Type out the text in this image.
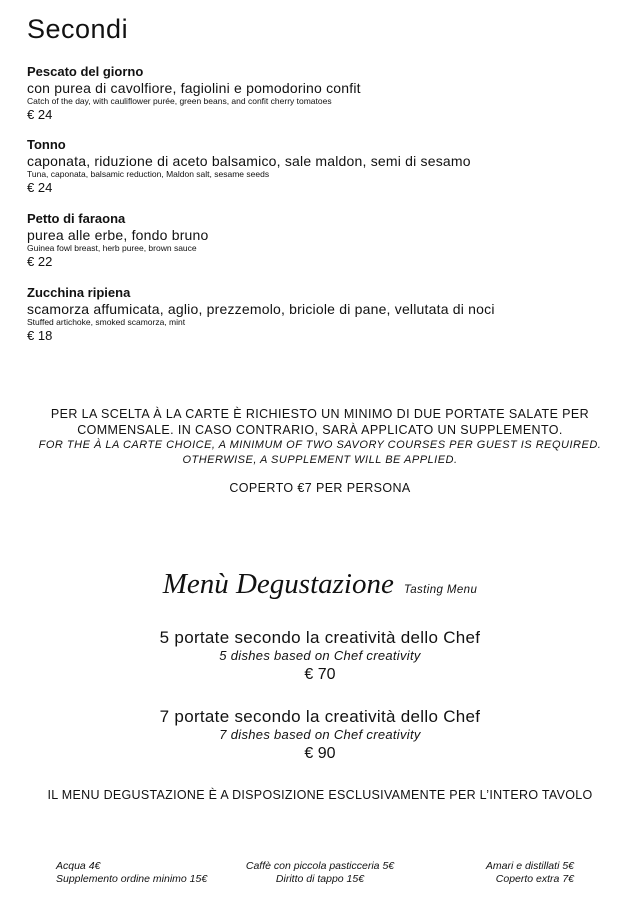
Secondi
Pescato del giorno
con purea di cavolfiore, fagiolini e pomodorino confit
Catch of the day, with cauliflower purée, green beans, and confit cherry tomatoes
€ 24
Tonno
caponata, riduzione di aceto balsamico, sale maldon, semi di sesamo
Tuna, caponata, balsamic reduction, Maldon salt, sesame seeds
€ 24
Petto di faraona
purea alle erbe, fondo bruno
Guinea fowl breast, herb puree, brown sauce
€ 22
Zucchina ripiena
scamorza affumicata, aglio, prezzemolo, briciole di pane, vellutata di noci
Stuffed artichoke, smoked scamorza, mint
€ 18
PER LA SCELTA À LA CARTE È RICHIESTO UN MINIMO DI DUE PORTATE SALATE PER
COMMENSALE. IN CASO CONTRARIO, SARÀ APPLICATO UN SUPPLEMENTO.
FOR THE À LA CARTE CHOICE, A MINIMUM OF TWO SAVORY COURSES PER GUEST IS REQUIRED.
OTHERWISE, A SUPPLEMENT WILL BE APPLIED.
COPERTO €7 PER PERSONA
Menù Degustazione Tasting Menu
5 portate secondo la creatività dello Chef
5 dishes based on Chef creativity
€ 70
7 portate secondo la creatività dello Chef
7 dishes based on Chef creativity
€ 90
IL MENU DEGUSTAZIONE È A DISPOSIZIONE ESCLUSIVAMENTE PER L’INTERO TAVOLO
Acqua 4€
Supplemento ordine minimo 15€
Caffè con piccola pasticceria 5€
Diritto di tappo 15€
Amari e distillati 5€
Coperto extra 7€
